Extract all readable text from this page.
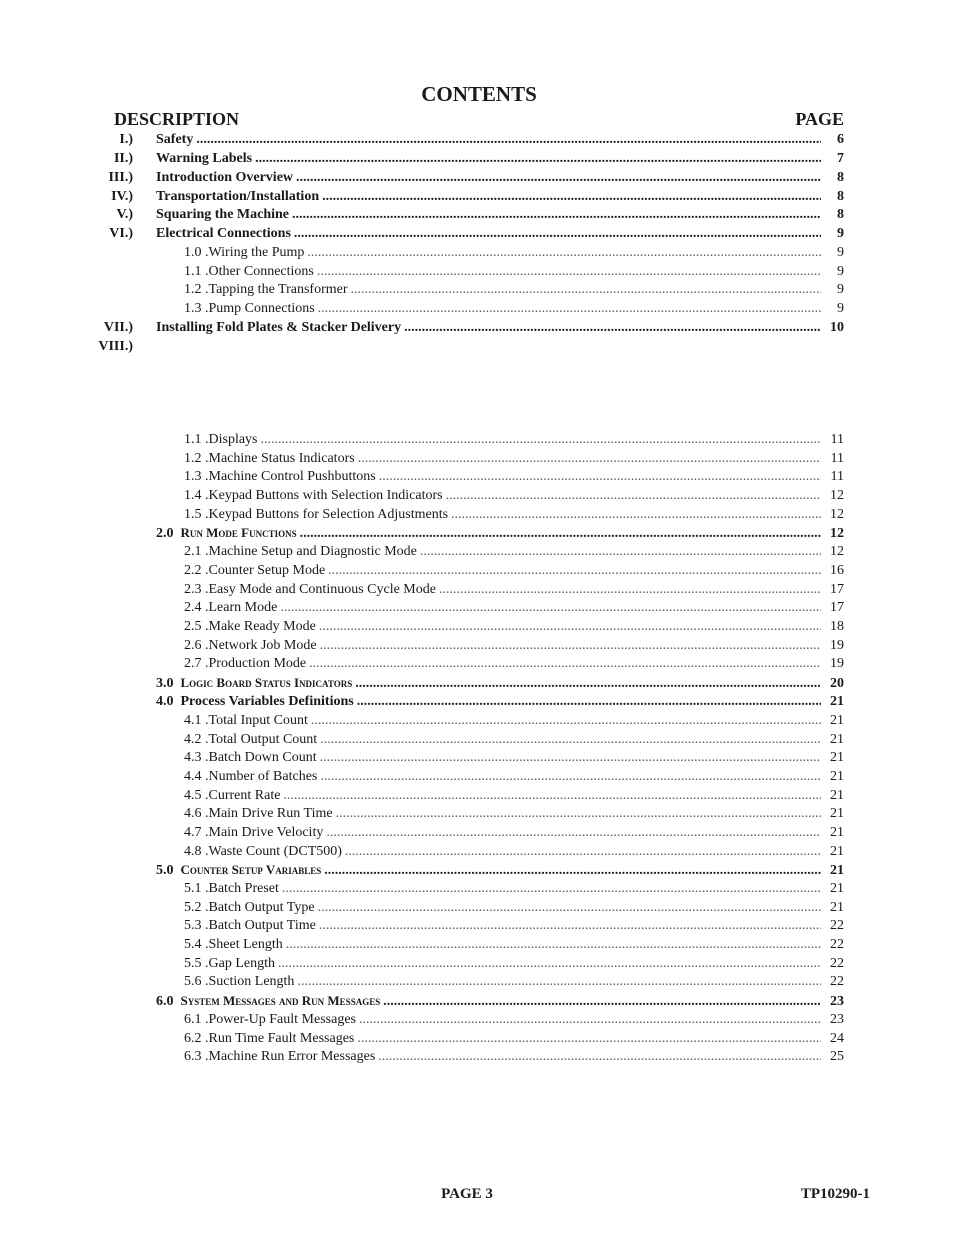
CONTENTS
DESCRIPTION	PAGE
I.) Safety .....	6
II.) Warning Labels .....	7
III.) Introduction Overview .....	8
IV.) Transportation/Installation .....	8
V.) Squaring the Machine .....	8
VI.) Electrical Connections .....	9
1.0 .Wiring the Pump .....	9
1.1 .Other Connections .....	9
1.2 .Tapping the Transformer .....	9
1.3 .Pump Connections .....	9
VII.) Installing Fold Plates & Stacker Delivery .....	10
VIII.)
1.1 .Displays .....	11
1.2 .Machine Status Indicators .....	11
1.3 .Machine Control Pushbuttons .....	11
1.4 .Keypad Buttons with Selection Indicators .....	12
1.5 .Keypad Buttons for Selection Adjustments .....	12
2.0 Run Mode Functions .....	12
2.1 .Machine Setup and Diagnostic Mode .....	12
2.2 .Counter Setup Mode .....	16
2.3 .Easy Mode and Continuous Cycle Mode .....	17
2.4 .Learn Mode .....	17
2.5 .Make Ready Mode .....	18
2.6 .Network Job Mode .....	19
2.7 .Production Mode .....	19
3.0 Logic Board Status Indicators .....	20
4.0 Process Variables Definitions .....	21
4.1 .Total Input Count .....	21
4.2 .Total Output Count .....	21
4.3 .Batch Down Count .....	21
4.4 .Number of Batches .....	21
4.5 .Current Rate .....	21
4.6 .Main Drive Run Time .....	21
4.7 .Main Drive Velocity .....	21
4.8 .Waste Count (DCT500) .....	21
5.0 Counter Setup Variables .....	21
5.1 .Batch Preset .....	21
5.2 .Batch Output Type .....	21
5.3 .Batch Output Time .....	22
5.4 .Sheet Length .....	22
5.5 .Gap Length .....	22
5.6 .Suction Length .....	22
6.0 System Messages and Run Messages .....	23
6.1 .Power-Up Fault Messages .....	23
6.2 .Run Time Fault Messages .....	24
6.3 .Machine Run Error Messages .....	25
PAGE 3	TP10290-1
